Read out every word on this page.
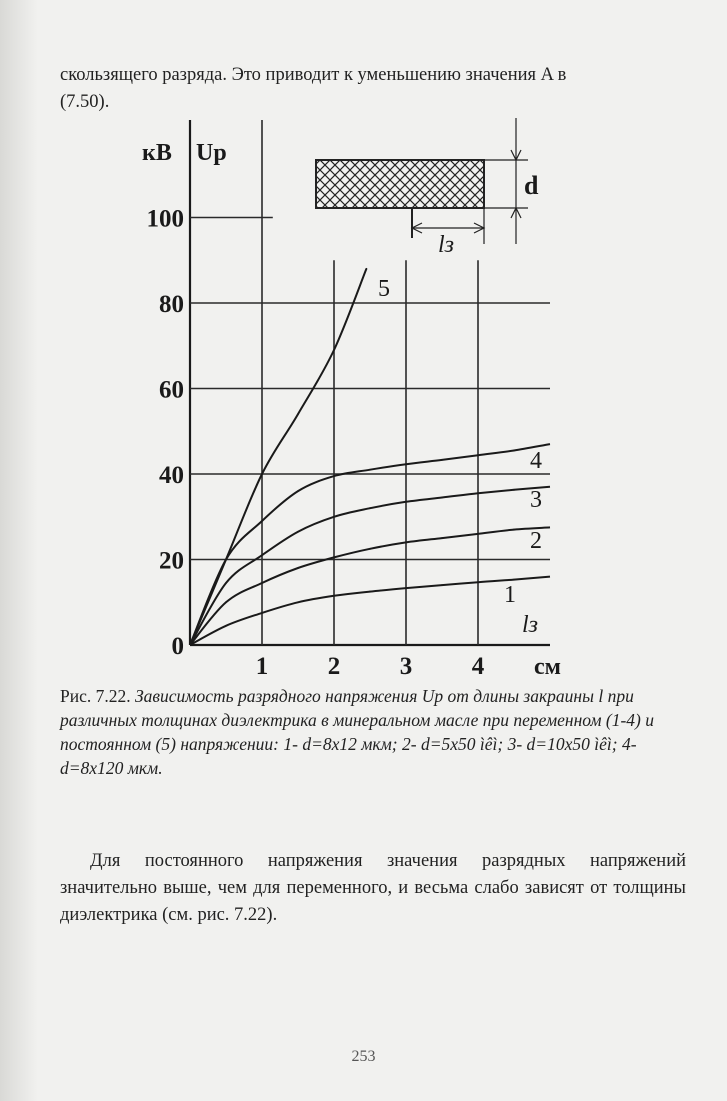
скользящего разряда. Это приводит к уменьшению значения A в
(7.50).

d
lз
0
20
40
60
80
100
1 2 3 4
1
2
3
4
5
кВ Uр
см
lз

Рис. 7.22. Зависимость разрядного напряжения Uр от длины закраины l при различных толщинах диэлектрика в минеральном масле при переменном (1-4) и постоянном (5) напряжении: 1- d=8х12 мкм; 2- d=5х50 ìêì; 3- d=10х50 ìêì; 4- d=8х120 мкм.

Для постоянного напряжения значения разрядных напряжений значительно выше, чем для переменного, и весьма слабо зависят от толщины диэлектрика (см. рис. 7.22).

253
